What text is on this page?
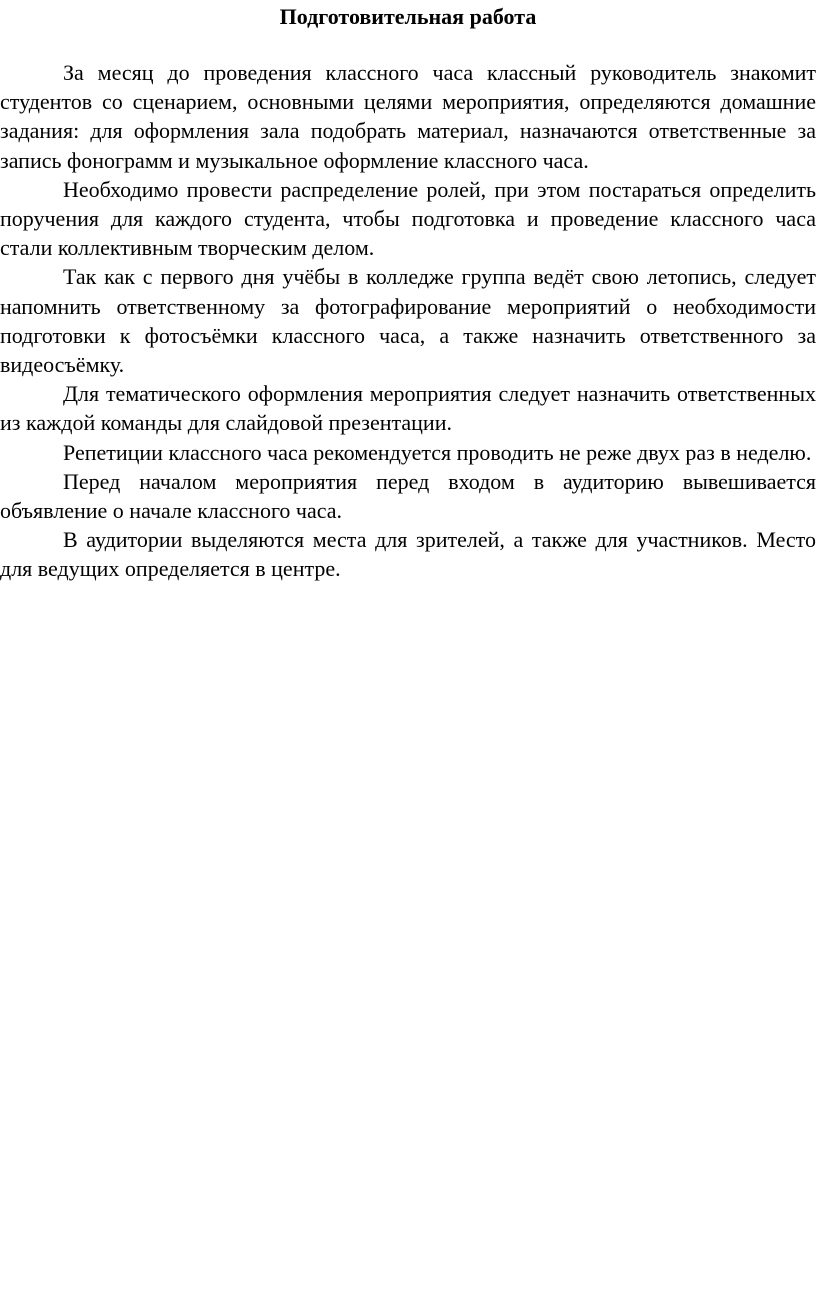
Подготовительная работа

За месяц до проведения классного часа классный руководитель знакомит студентов со сценарием, основными целями мероприятия, определяются домашние задания: для оформления зала подобрать материал, назначаются ответственные за запись фонограмм и музыкальное оформление классного часа.

Необходимо провести распределение ролей, при этом постараться определить поручения для каждого студента, чтобы подготовка и проведение классного часа стали коллективным творческим делом.

Так как с первого дня учёбы в колледже группа ведёт свою летопись, следует напомнить ответственному за фотографирование мероприятий о необходимости подготовки к фотосъёмки классного часа, а также назначить ответственного за видеосъёмку.

Для тематического оформления мероприятия следует назначить ответственных из каждой команды для слайдовой презентации.

Репетиции классного часа рекомендуется проводить не реже двух раз в неделю.

Перед началом мероприятия перед входом в аудиторию вывешивается объявление о начале классного часа.

В аудитории выделяются места для зрителей, а также для участников. Место для ведущих определяется в центре.
